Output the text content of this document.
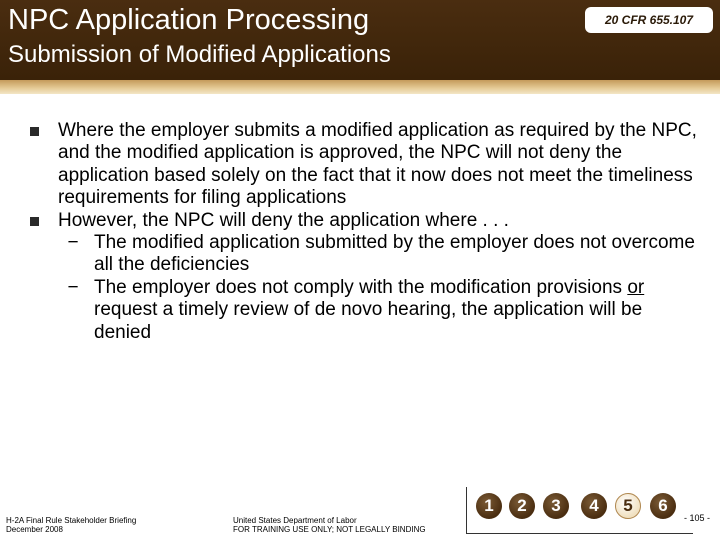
NPC Application Processing
Submission of Modified Applications
20 CFR 655.107
Where the employer submits a modified application as required by the NPC, and the modified application is approved, the NPC will not deny the application based solely on the fact that it now does not meet the timeliness requirements for filing applications
However, the NPC will deny the application where . . .
− The modified application submitted by the employer does not overcome all the deficiencies
− The employer does not comply with the modification provisions or request a timely review of de novo hearing, the application will be denied
H-2A Final Rule Stakeholder Briefing
December 2008
United States Department of Labor
FOR TRAINING USE ONLY; NOT LEGALLY BINDING
1	2	3	4	5	6
- 105 -
